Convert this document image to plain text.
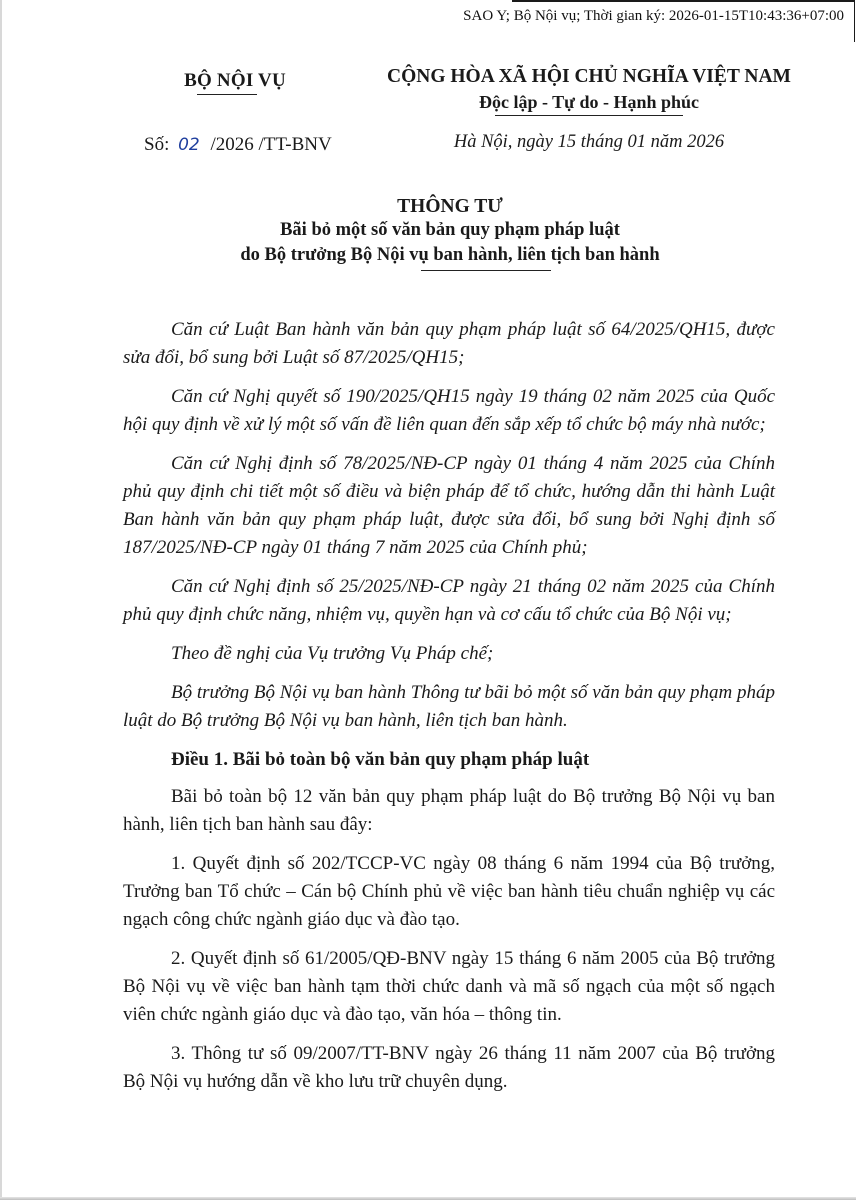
SAO Y; Bộ Nội vụ; Thời gian ký: 2026-01-15T10:43:36+07:00
BỘ NỘI VỤ
Số: 02 /2026 /TT-BNV
CỘNG HÒA XÃ HỘI CHỦ NGHĨA VIỆT NAM
Độc lập - Tự do - Hạnh phúc
Hà Nội, ngày 15 tháng 01 năm 2026
THÔNG TƯ
Bãi bỏ một số văn bản quy phạm pháp luật
do Bộ trưởng Bộ Nội vụ ban hành, liên tịch ban hành

Căn cứ Luật Ban hành văn bản quy phạm pháp luật số 64/2025/QH15, được sửa đổi, bổ sung bởi Luật số 87/2025/QH15;

Căn cứ Nghị quyết số 190/2025/QH15 ngày 19 tháng 02 năm 2025 của Quốc hội quy định về xử lý một số vấn đề liên quan đến sắp xếp tổ chức bộ máy nhà nước;

Căn cứ Nghị định số 78/2025/NĐ-CP ngày 01 tháng 4 năm 2025 của Chính phủ quy định chi tiết một số điều và biện pháp để tổ chức, hướng dẫn thi hành Luật Ban hành văn bản quy phạm pháp luật, được sửa đổi, bổ sung bởi Nghị định số 187/2025/NĐ-CP ngày 01 tháng 7 năm 2025 của Chính phủ;

Căn cứ Nghị định số 25/2025/NĐ-CP ngày 21 tháng 02 năm 2025 của Chính phủ quy định chức năng, nhiệm vụ, quyền hạn và cơ cấu tổ chức của Bộ Nội vụ;

Theo đề nghị của Vụ trưởng Vụ Pháp chế;

Bộ trưởng Bộ Nội vụ ban hành Thông tư bãi bỏ một số văn bản quy phạm pháp luật do Bộ trưởng Bộ Nội vụ ban hành, liên tịch ban hành.

Điều 1. Bãi bỏ toàn bộ văn bản quy phạm pháp luật

Bãi bỏ toàn bộ 12 văn bản quy phạm pháp luật do Bộ trưởng Bộ Nội vụ ban hành, liên tịch ban hành sau đây:

1. Quyết định số 202/TCCP-VC ngày 08 tháng 6 năm 1994 của Bộ trưởng, Trưởng ban Tổ chức – Cán bộ Chính phủ về việc ban hành tiêu chuẩn nghiệp vụ các ngạch công chức ngành giáo dục và đào tạo.

2. Quyết định số 61/2005/QĐ-BNV ngày 15 tháng 6 năm 2005 của Bộ trưởng Bộ Nội vụ về việc ban hành tạm thời chức danh và mã số ngạch của một số ngạch viên chức ngành giáo dục và đào tạo, văn hóa – thông tin.

3. Thông tư số 09/2007/TT-BNV ngày 26 tháng 11 năm 2007 của Bộ trưởng Bộ Nội vụ hướng dẫn về kho lưu trữ chuyên dụng.
